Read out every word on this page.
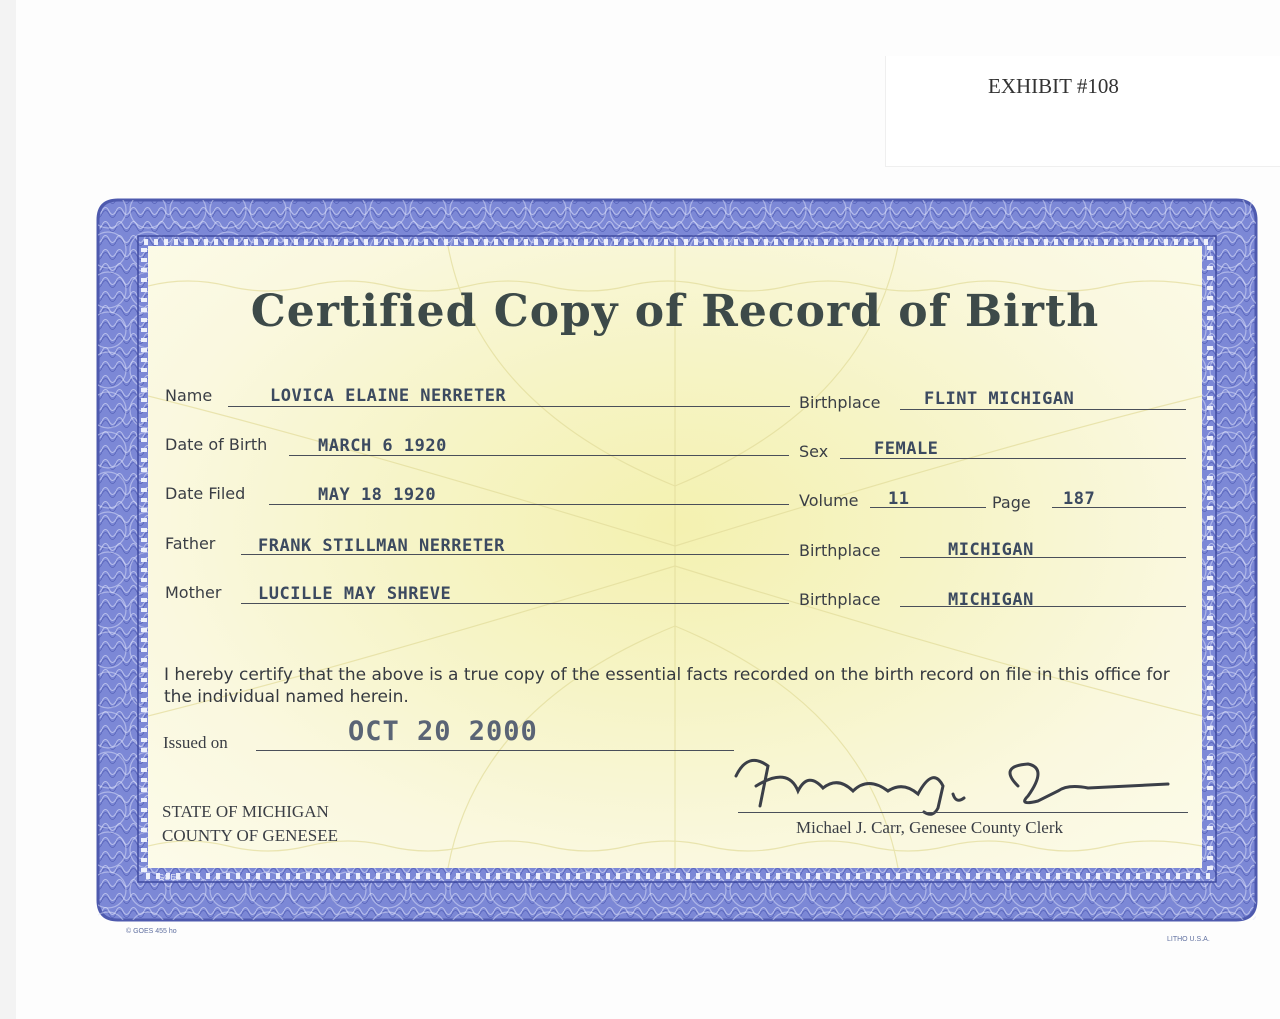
EXHIBIT #108
GOES
Certified Copy of Record of Birth
Name	LOVICA ELAINE NERRETER	Birthplace	FLINT MICHIGAN
Date of Birth	MARCH 6 1920	Sex	FEMALE
Date Filed	MAY 18 1920	Volume 11	Page 187
Father	FRANK STILLMAN NERRETER	Birthplace	MICHIGAN
Mother LUCILLE MAY SHREVE	Birthplace	MICHIGAN
I hereby certify that the above is a true copy of the essential facts recorded on the birth record on file in this office for the individual named herein.
Issued on	OCT 20 2000
STATE OF MICHIGAN
COUNTY OF GENESEE	Michael J. Carr, Genesee County Clerk
© GOES 455 ho
LITHO U.S.A.
